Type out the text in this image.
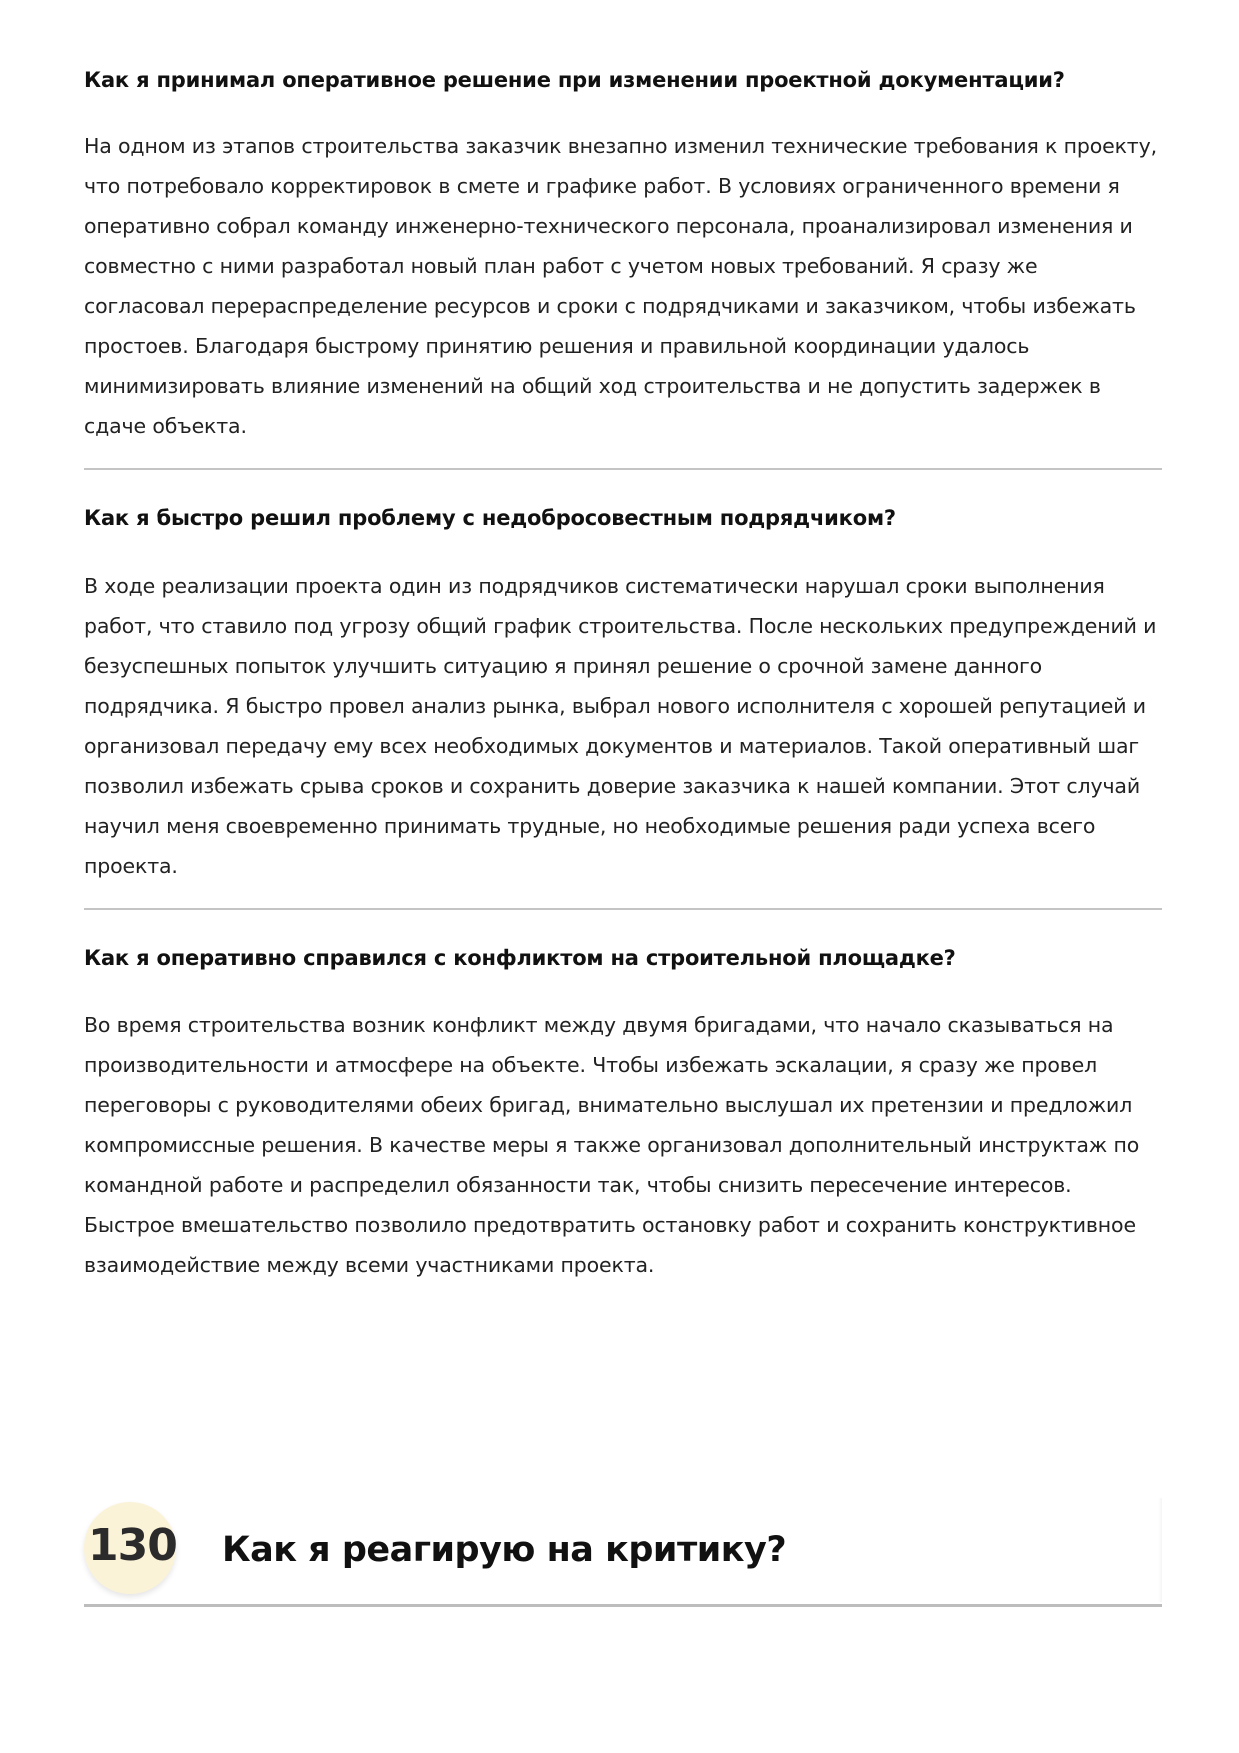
Как я принимал оперативное решение при изменении проектной документации?

На одном из этапов строительства заказчик внезапно изменил технические требования к проекту, что потребовало корректировок в смете и графике работ. В условиях ограниченного времени я оперативно собрал команду инженерно-технического персонала, проанализировал изменения и совместно с ними разработал новый план работ с учетом новых требований. Я сразу же согласовал перераспределение ресурсов и сроки с подрядчиками и заказчиком, чтобы избежать простоев. Благодаря быстрому принятию решения и правильной координации удалось минимизировать влияние изменений на общий ход строительства и не допустить задержек в сдаче объекта.

Как я быстро решил проблему с недобросовестным подрядчиком?

В ходе реализации проекта один из подрядчиков систематически нарушал сроки выполнения работ, что ставило под угрозу общий график строительства. После нескольких предупреждений и безуспешных попыток улучшить ситуацию я принял решение о срочной замене данного подрядчика. Я быстро провел анализ рынка, выбрал нового исполнителя с хорошей репутацией и организовал передачу ему всех необходимых документов и материалов. Такой оперативный шаг позволил избежать срыва сроков и сохранить доверие заказчика к нашей компании. Этот случай научил меня своевременно принимать трудные, но необходимые решения ради успеха всего проекта.

Как я оперативно справился с конфликтом на строительной площадке?

Во время строительства возник конфликт между двумя бригадами, что начало сказываться на производительности и атмосфере на объекте. Чтобы избежать эскалации, я сразу же провел переговоры с руководителями обеих бригад, внимательно выслушал их претензии и предложил компромиссные решения. В качестве меры я также организовал дополнительный инструктаж по командной работе и распределил обязанности так, чтобы снизить пересечение интересов. Быстрое вмешательство позволило предотвратить остановку работ и сохранить конструктивное взаимодействие между всеми участниками проекта.

130 Как я реагирую на критику?
